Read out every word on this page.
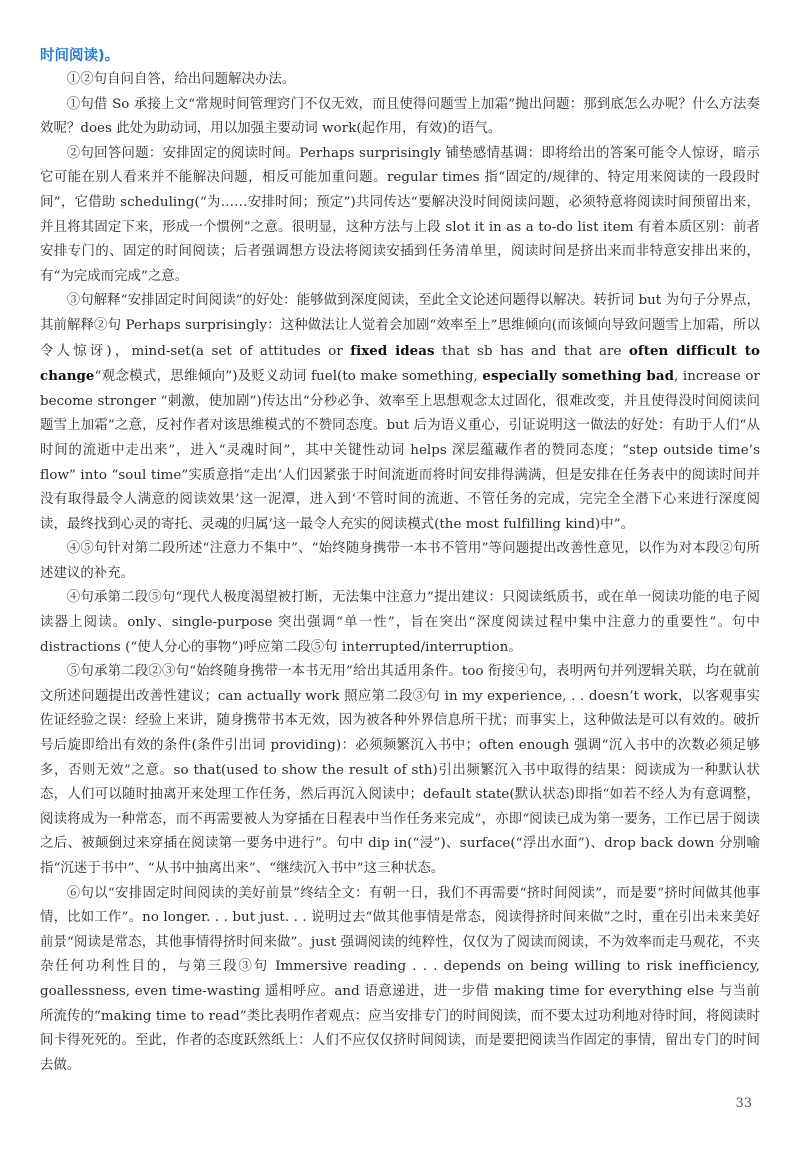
时间阅读)。

①②句自问自答，给出问题解决办法。

①句借 So 承接上文“常规时间管理窍门不仅无效，而且使得问题雪上加霜”抛出问题：那到底怎么办呢？什么方法奏效呢？does 此处为助动词，用以加强主要动词 work(起作用，有效)的语气。

②句回答问题：安排固定的阅读时间。Perhaps surprisingly 铺垫感情基调：即将给出的答案可能令人惊讶，暗示它可能在别人看来并不能解决问题，相反可能加重问题。regular times 指“固定的/规律的、特定用来阅读的一段段时间”，它借助 scheduling(“为……安排时间；预定”)共同传达“要解决没时间阅读问题，必须特意将阅读时间预留出来，并且将其固定下来，形成一个惯例”之意。很明显，这种方法与上段 slot it in as a to-do list item 有着本质区别：前者安排专门的、固定的时间阅读；后者强调想方设法将阅读安插到任务清单里，阅读时间是挤出来而非特意安排出来的，有“为完成而完成”之意。

③句解释“安排固定时间阅读”的好处：能够做到深度阅读，至此全文论述问题得以解决。转折词 but 为句子分界点，其前解释②句 Perhaps surprisingly：这种做法让人觉着会加剧“效率至上”思维倾向(而该倾向导致问题雪上加霜，所以令人惊讶)，mind-set(a set of attitudes or fixed ideas that sb has and that are often difficult to change“观念模式，思维倾向”)及贬义动词 fuel(to make something, especially something bad, increase or become stronger “刺激，使加剧”)传达出“分秒必争、效率至上思想观念太过固化，很难改变，并且使得没时间阅读问题雪上加霜”之意，反衬作者对该思维模式的不赞同态度。but 后为语义重心，引证说明这一做法的好处：有助于人们“从时间的流逝中走出来”，进入“灵魂时间”，其中关键性动词 helps 深层蕴藏作者的赞同态度；“step outside time’s flow” into “soul time”实质意指“走出‘人们因紧张于时间流逝而将时间安排得满满，但是安排在任务表中的阅读时间并没有取得最令人满意的阅读效果’这一泥潭，进入到‘不管时间的流逝、不管任务的完成，完完全全潜下心来进行深度阅读，最终找到心灵的寄托、灵魂的归属’这一最令人充实的阅读模式(the most fulfilling kind)中”。

④⑤句针对第二段所述“注意力不集中”、“始终随身携带一本书不管用”等问题提出改善性意见，以作为对本段②句所述建议的补充。

④句承第二段⑤句“现代人极度渴望被打断，无法集中注意力”提出建议：只阅读纸质书，或在单一阅读功能的电子阅读器上阅读。only、single-purpose 突出强调“单一性”，旨在突出“深度阅读过程中集中注意力的重要性”。句中 distractions (“使人分心的事物”)呼应第二段⑤句 interrupted/interruption。

⑤句承第二段②③句“始终随身携带一本书无用”给出其适用条件。too 衔接④句，表明两句并列逻辑关联，均在就前文所述问题提出改善性建议；can actually work 照应第二段③句 in my experience, . . doesn’t work，以客观事实佐证经验之误：经验上来讲，随身携带书本无效，因为被各种外界信息所干扰；而事实上，这种做法是可以有效的。破折号后旋即给出有效的条件(条件引出词 providing)：必须频繁沉入书中；often enough 强调“沉入书中的次数必须足够多，否则无效”之意。so that(used to show the result of sth)引出频繁沉入书中取得的结果：阅读成为一种默认状态，人们可以随时抽离开来处理工作任务，然后再沉入阅读中；default state(默认状态)即指“如若不经人为有意调整，阅读将成为一种常态，而不再需要被人为穿插在日程表中当作任务来完成”，亦即“阅读已成为第一要务，工作已居于阅读之后、被颠倒过来穿插在阅读第一要务中进行”。句中 dip in(“浸”)、surface(“浮出水面”)、drop back down 分别喻指“沉迷于书中”、“从书中抽离出来”、“继续沉入书中”这三种状态。

⑥句以“安排固定时间阅读的美好前景”终结全文：有朝一日，我们不再需要“挤时间阅读”，而是要“挤时间做其他事情，比如工作”。no longer. . . but just. . . 说明过去“做其他事情是常态，阅读得挤时间来做”之时，重在引出未来美好前景“阅读是常态，其他事情得挤时间来做”。just 强调阅读的纯粹性，仅仅为了阅读而阅读，不为效率而走马观花，不夹杂任何功利性目的，与第三段③句 Immersive reading . . . depends on being willing to risk inefficiency, goallessness, even time-wasting 遥相呼应。and 语意递进，进一步借 making time for everything else 与当前所流传的“making time to read”类比表明作者观点：应当安排专门的时间阅读，而不要太过功利地对待时间，将阅读时间卡得死死的。至此，作者的态度跃然纸上：人们不应仅仅挤时间阅读，而是要把阅读当作固定的事情，留出专门的时间去做。

33
